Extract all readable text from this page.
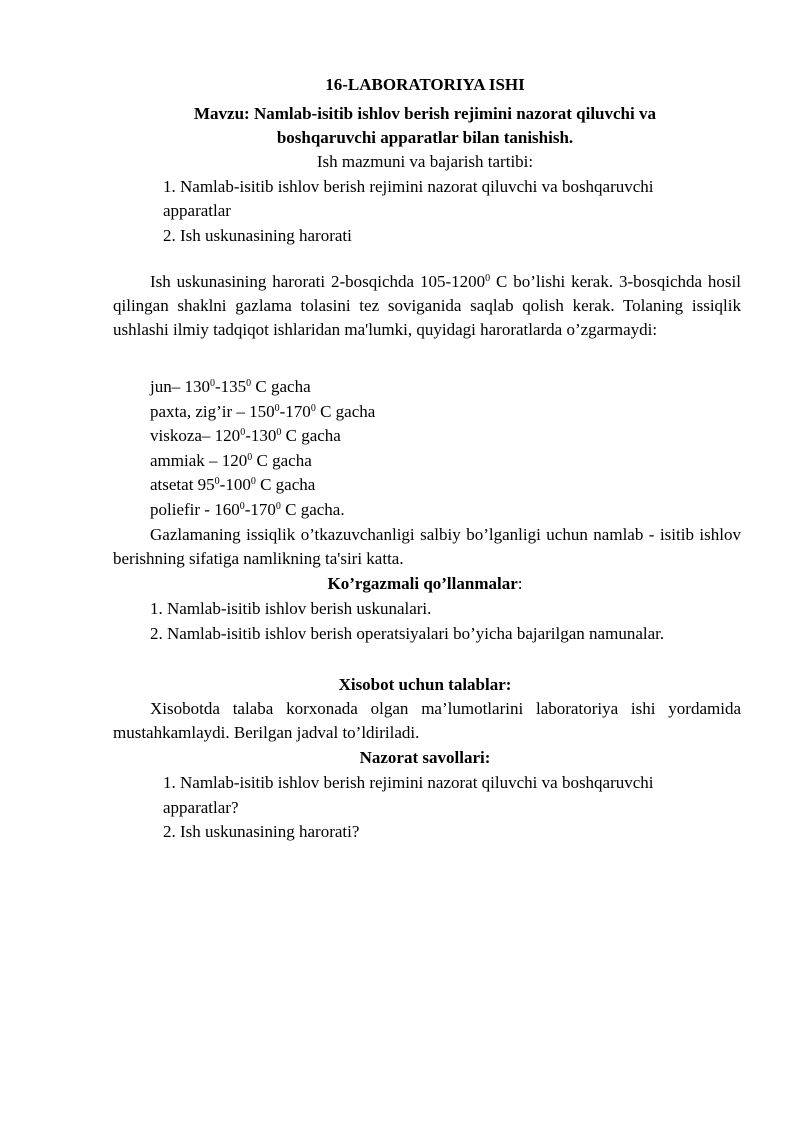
16-LABORATORIYA ISHI
Mavzu: Namlab-isitib ishlov berish rejimini nazorat qiluvchi va
boshqaruvchi apparatlar bilan tanishish.
Ish mazmuni va bajarish tartibi:
1. Namlab-isitib ishlov berish rejimini nazorat qiluvchi va boshqaruvchi
apparatlar
2. Ish uskunasining harorati
Ish uskunasining harorati 2-bosqichda 105-1200$^0$ C bo’lishi kerak. 3-bosqichda hosil qilingan shaklni gazlama tolasini tez soviganida saqlab qolish kerak. Tolaning issiqlik ushlashi ilmiy tadqiqot ishlaridan ma'lumki, quyidagi haroratlarda o’zgarmaydi:
jun– $130^0-135^0$ C gacha
paxta, zig’ir – $150^0-170^0$ C gacha
viskoza– $120^0-130^0$ C gacha
ammiak – $120^0$ C gacha
atsetat $95^0-100^0$ C gacha
poliefir - $160^0-170^0$ C gacha.
Gazlamaning issiqlik o’tkazuvchanligi salbiy bo’lganligi uchun namlab - isitib ishlov berishning sifatiga namlikning ta'siri katta.
Ko’rgazmali qo’llanmalar:
1. Namlab-isitib ishlov berish uskunalari.
2. Namlab-isitib ishlov berish operatsiyalari bo’yicha bajarilgan namunalar.
Xisobot uchun talablar:
Xisobotda talaba korxonada olgan ma’lumotlarini laboratoriya ishi yordamida mustahkamlaydi. Berilgan jadval to’ldiriladi.
Nazorat savollari:
1. Namlab-isitib ishlov berish rejimini nazorat qiluvchi va boshqaruvchi
apparatlar?
2. Ish uskunasining harorati?
